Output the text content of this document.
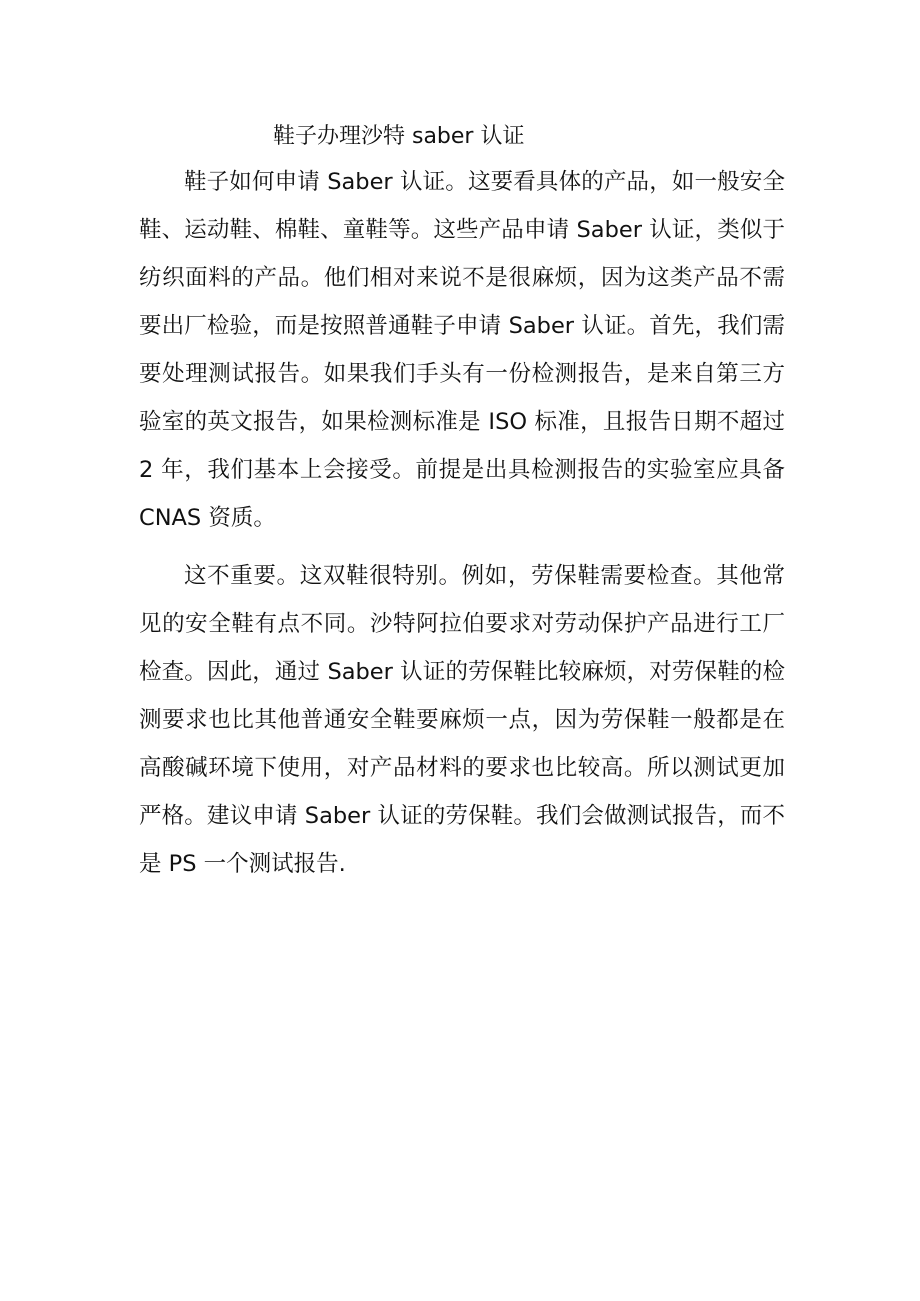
鞋子办理沙特 saber 认证

鞋子如何申请 Saber 认证。这要看具体的产品，如一般安全鞋、运动鞋、棉鞋、童鞋等。这些产品申请 Saber 认证，类似于纺织面料的产品。他们相对来说不是很麻烦，因为这类产品不需要出厂检验，而是按照普通鞋子申请 Saber 认证。首先，我们需要处理测试报告。如果我们手头有一份检测报告，是来自第三方验室的英文报告，如果检测标准是 ISO 标准，且报告日期不超过 2 年，我们基本上会接受。前提是出具检测报告的实验室应具备 CNAS 资质。

这不重要。这双鞋很特别。例如，劳保鞋需要检查。其他常见的安全鞋有点不同。沙特阿拉伯要求对劳动保护产品进行工厂检查。因此，通过 Saber 认证的劳保鞋比较麻烦，对劳保鞋的检测要求也比其他普通安全鞋要麻烦一点，因为劳保鞋一般都是在高酸碱环境下使用，对产品材料的要求也比较高。所以测试更加严格。建议申请 Saber 认证的劳保鞋。我们会做测试报告，而不是 PS 一个测试报告.
